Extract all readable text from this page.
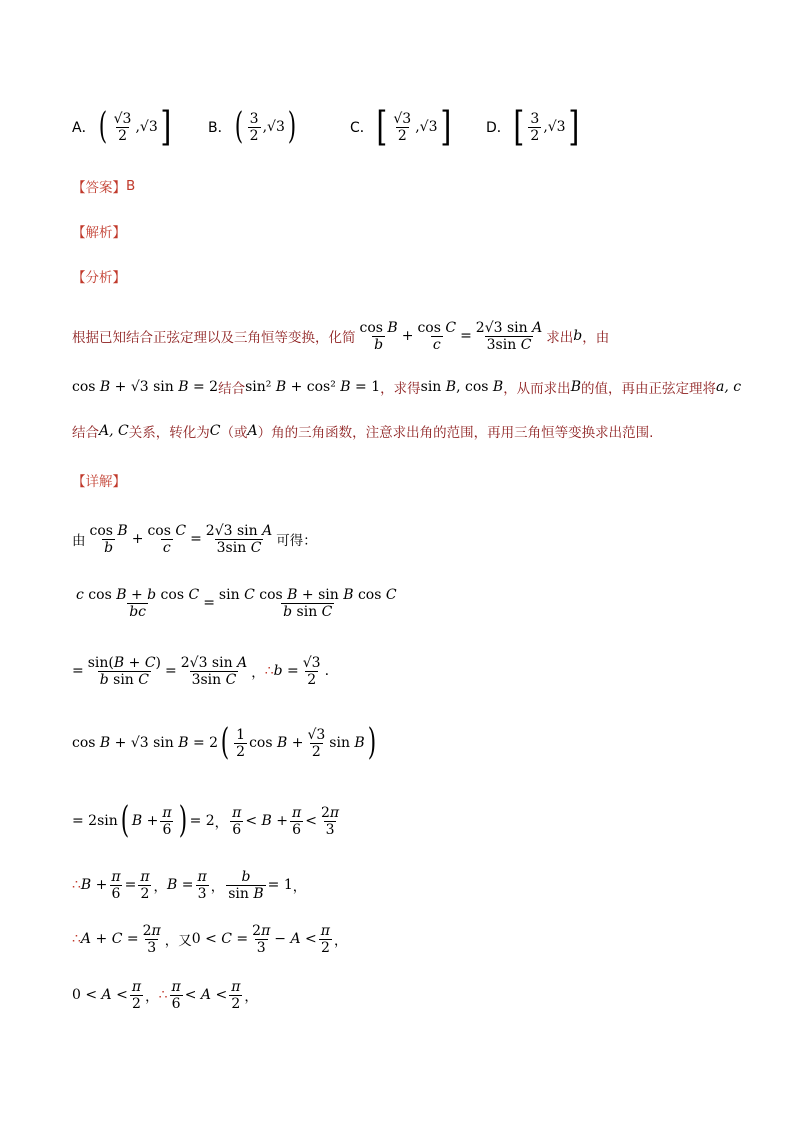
A． ( $\frac{√3}{2}$ , √3 ]	B． ( $\frac{3}{2}$ , √3 )	C． [ $\frac{√3}{2}$ , √3 ]	D． [ $\frac{3}{2}$ , √3 ]
【答案】 B
【解析】
【分析】
根据已知结合正弦定理以及三角恒等变换，化简 $\frac{\text{cos B}}{b} + \frac{\text{cos C}}{c} = \frac{\text{2√3 sin A}}{\text{3sin C}}$ 求出 b ，由
cos B + √3 sin B = 2 结合 sin² B + cos² B = 1 ，求得 sin B, cos B ，从而求出 B 的值，再由正弦定理将 a, c
结合 A, C 关系，转化为 C （或 A ）角的三角函数，注意求出角的范围，再用三角恒等变换求出范围.
【详解】
由 $\frac{\text{cos B}}{b} + \frac{\text{cos C}}{c} = \frac{\text{2√3 sin A}}{\text{3sin C}}$ 可得：
$\frac{\text{c cos B + b cos C}}{bc} = \frac{\text{sin C cos B + sin B cos C}}{\text{b sin C}}$
= $\frac{\sin(B + C)}{\text{b sin C}} = \frac{\text{2√3 sin A}}{\text{3sin C}}$ ， ∴ $b = \frac{√3}{2}$ .
cos B + √3 sin B = 2 ( $\frac{1}{2}$ $\cos B + \frac{√3}{2}$ sin B )
= 2sin ( $B + \frac{\pi}{6}$ ) = 2 ， $\frac{\pi}{6} < B + \frac{\pi}{6} < \frac{2\pi}{3}$
∴ $B + \frac{\pi}{6} = \frac{\pi}{2}$ ， $B = \frac{\pi}{3}$ ， $\frac{b}{\text{sin B}} = 1$ ，
∴ $A + C = \frac{2\pi}{3}$ ，又 $0 < C = \frac{2\pi}{3} - A < \frac{\pi}{2}$ ，
$0 < A < \frac{\pi}{2}$ ， ∴ $\frac{\pi}{6} < A < \frac{\pi}{2}$ ，
